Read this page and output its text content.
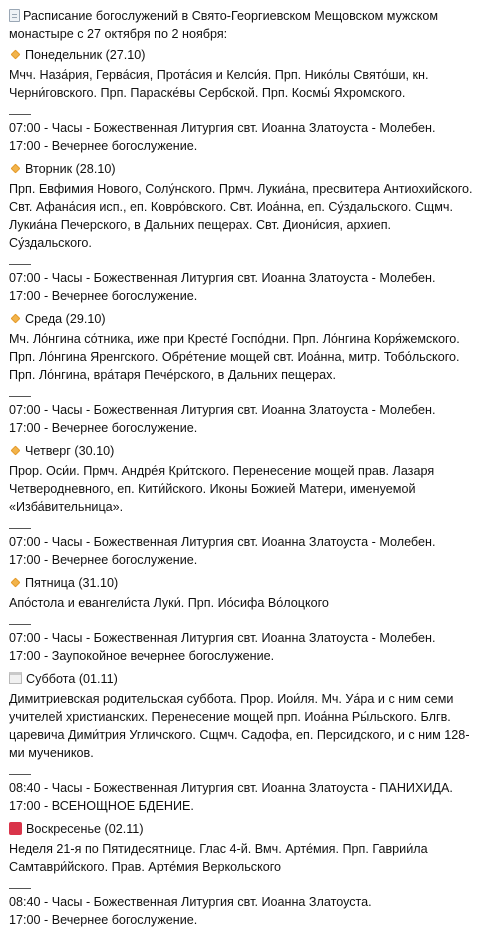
Расписание богослужений в Свято-Георгиевском Мещовском мужском монастыре с 27 октября по 2 ноября:
Понедельник (27.10)
Мчч. Наза́рия, Герва́сия, Прота́сия и Келси́я. Прп. Нико́лы Свято́ши, кн. Черни́говского. Прп. Параске́вы Сербской. Прп. Космы́ Яхромского.
07:00 - Часы - Божественная Литургия свт. Иоанна Златоуста - Молебен.
17:00 - Вечернее богослужение.
Вторник (28.10)
Прп. Евфимия Нового, Солу́нского. Прмч. Лукиа́на, пресвитера Антиохийского. Свт. Афана́сия исп., еп. Ковро́вского. Свт. Иоа́нна, еп. Су́здальского. Сщмч. Лукиа́на Печерского, в Дальних пещерах. Свт. Диони́сия, архиеп. Су́здальского.
07:00 - Часы - Божественная Литургия свт. Иоанна Златоуста - Молебен.
17:00 - Вечернее богослужение.
Среда (29.10)
Мч. Ло́нгина со́тника, иже при Кресте́ Госпо́дни. Прп. Ло́нгина Коря́жемского. Прп. Ло́нгина Яренгского. Обре́тение мощей свт. Иоа́нна, митр. Тобо́льского. Прп. Ло́нгина, вра́таря Пече́рского, в Дальних пещерах.
07:00 - Часы - Божественная Литургия свт. Иоанна Златоуста - Молебен.
17:00 - Вечернее богослужение.
Четверг (30.10)
Прор. Оси́и. Прмч. Андре́я Кри́тского. Перенесение мощей прав. Лазаря Четверодневного, еп. Кити́йского. Иконы Божией Матери, именуемой «Изба́вительница».
07:00 - Часы - Божественная Литургия свт. Иоанна Златоуста - Молебен.
17:00 - Вечернее богослужение.
Пятница (31.10)
Апо́стола и евангели́ста Луки́. Прп. Ио́сифа Во́лоцкого
07:00 - Часы - Божественная Литургия свт. Иоанна Златоуста - Молебен.
17:00 - Заупокойное вечернее богослужение.
Суббота (01.11)
Димитриевская родительская суббота. Прор. Иои́ля. Мч. Уа́ра и с ним семи учителей христианских. Перенесение мощей прп. Иоа́нна Ры́льского. Блгв. царевича Дими́трия Угличского. Сщмч. Садофа, еп. Персидского, и с ним 128-ми мучеников.
08:40 - Часы - Божественная Литургия свт. Иоанна Златоуста - ПАНИХИДА.
17:00 - ВСЕНОЩНОЕ БДЕНИЕ.
Воскресенье (02.11)
Неделя 21-я по Пятидесятнице. Глас 4-й. Вмч. Арте́мия. Прп. Гаврии́ла Самтаври́йского. Прав. Арте́мия Веркольского
08:40 - Часы - Божественная Литургия свт. Иоанна Златоуста.
17:00 - Вечернее богослужение.
